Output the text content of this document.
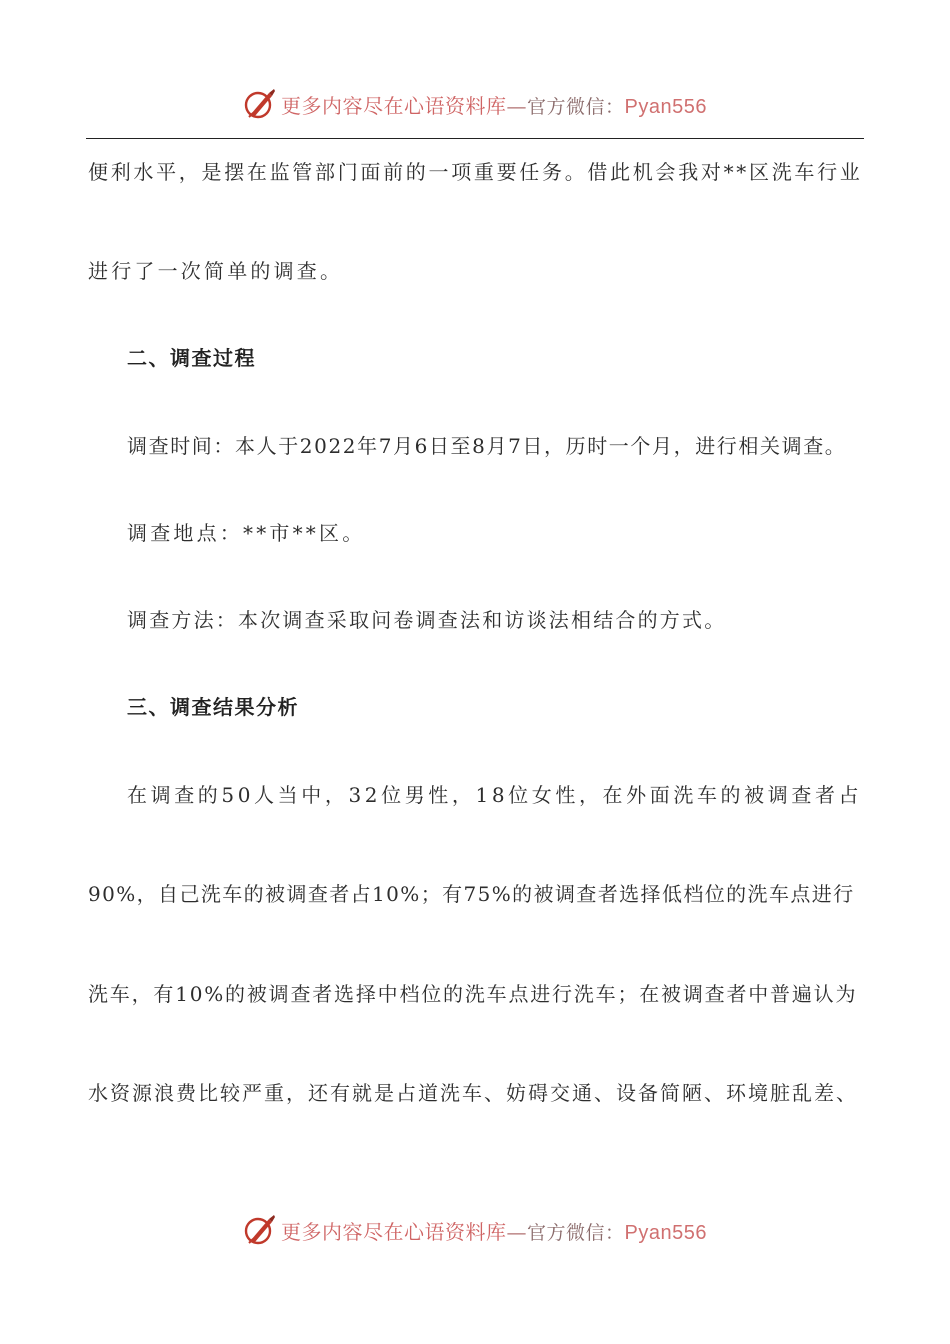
更多内容尽在心语资料库—官方微信：Pyan556
便利水平，是摆在监管部门面前的一项重要任务。借此机会我对**区洗车行业
进行了一次简单的调查。
二、调查过程
调查时间：本人于2022年7月6日至8月7日，历时一个月，进行相关调查。
调查地点：**市**区。
调查方法：本次调查采取问卷调查法和访谈法相结合的方式。
三、调查结果分析
在调查的50人当中，32位男性，18位女性，在外面洗车的被调查者占
90%，自己洗车的被调查者占10%；有75%的被调查者选择低档位的洗车点进行
洗车，有10%的被调查者选择中档位的洗车点进行洗车；在被调查者中普遍认为
水资源浪费比较严重，还有就是占道洗车、妨碍交通、设备简陋、环境脏乱差、
更多内容尽在心语资料库—官方微信：Pyan556
